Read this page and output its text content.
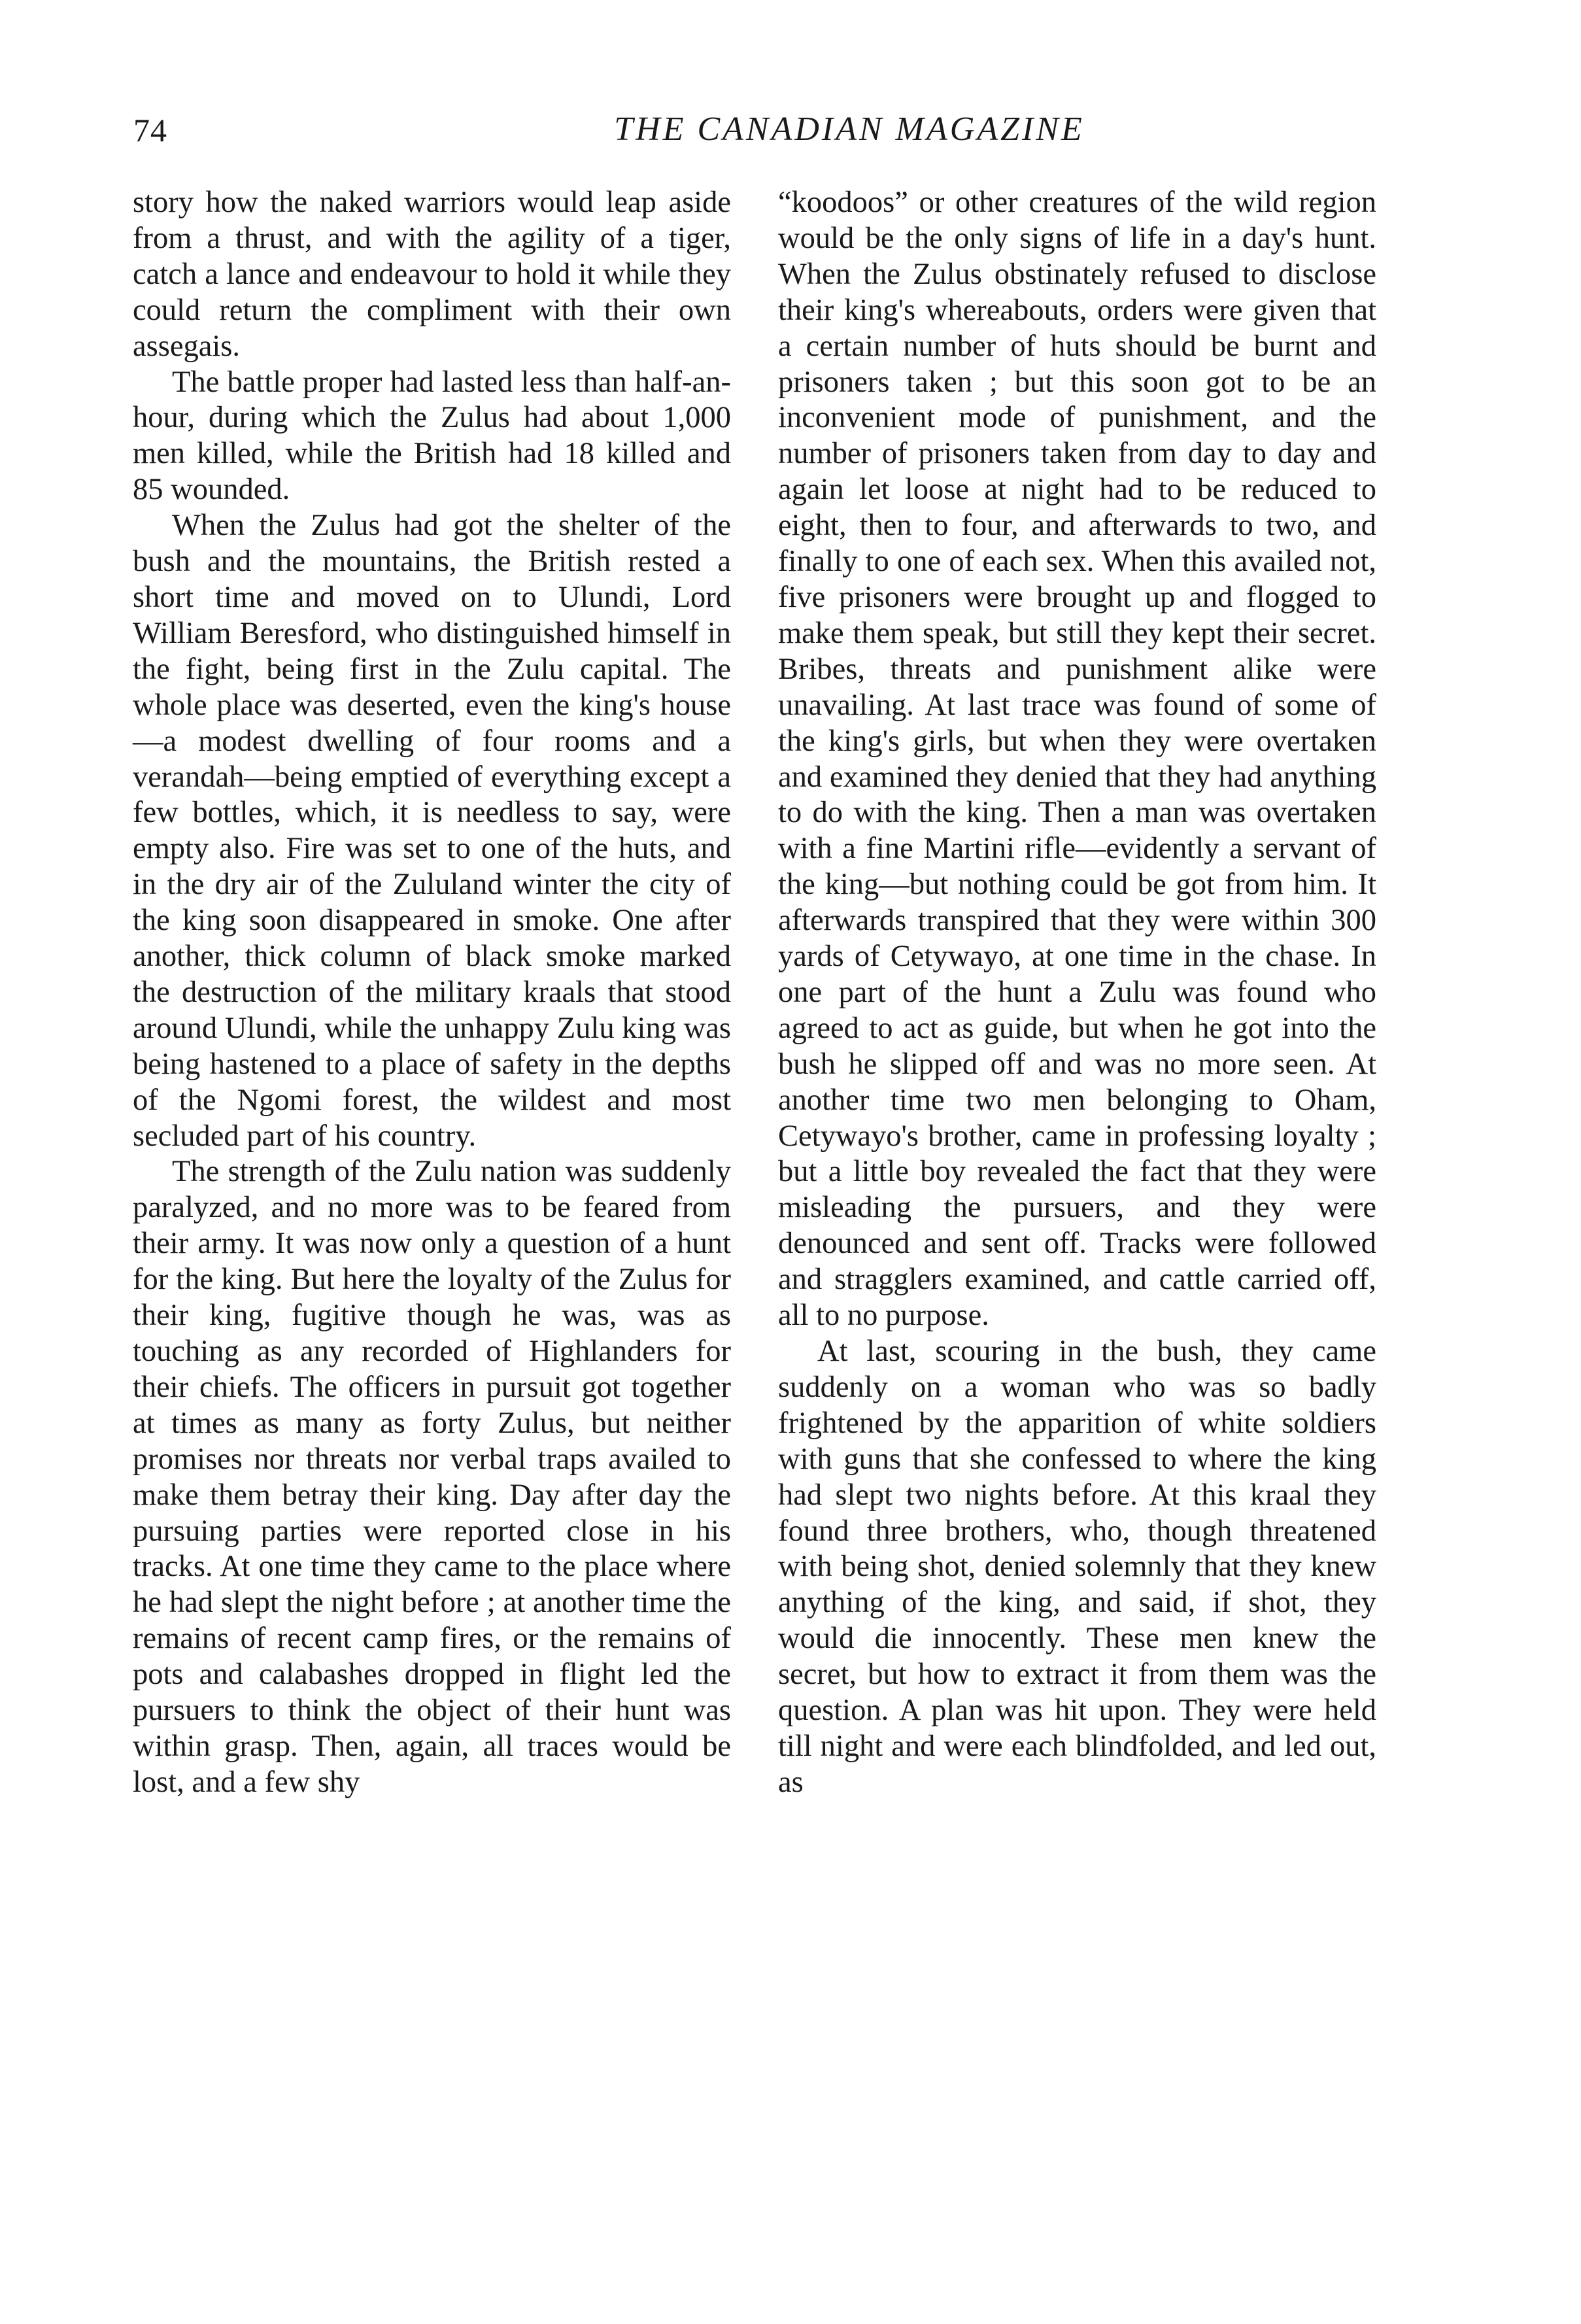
74	THE CANADIAN MAGAZINE

story how the naked warriors would leap aside from a thrust, and with the agility of a tiger, catch a lance and endeavour to hold it while they could return the compliment with their own assegais.

The battle proper had lasted less than half-an-hour, during which the Zulus had about 1,000 men killed, while the British had 18 killed and 85 wounded.

When the Zulus had got the shelter of the bush and the mountains, the British rested a short time and moved on to Ulundi, Lord William Beresford, who distinguished himself in the fight, being first in the Zulu capital. The whole place was deserted, even the king's house—a modest dwelling of four rooms and a verandah—being emptied of everything except a few bottles, which, it is needless to say, were empty also. Fire was set to one of the huts, and in the dry air of the Zululand winter the city of the king soon disappeared in smoke. One after another, thick column of black smoke marked the destruction of the military kraals that stood around Ulundi, while the unhappy Zulu king was being hastened to a place of safety in the depths of the Ngomi forest, the wildest and most secluded part of his country.

The strength of the Zulu nation was suddenly paralyzed, and no more was to be feared from their army. It was now only a question of a hunt for the king. But here the loyalty of the Zulus for their king, fugitive though he was, was as touching as any recorded of Highlanders for their chiefs. The officers in pursuit got together at times as many as forty Zulus, but neither promises nor threats nor verbal traps availed to make them betray their king. Day after day the pursuing parties were reported close in his tracks. At one time they came to the place where he had slept the night before ; at another time the remains of recent camp fires, or the remains of pots and calabashes dropped in flight led the pursuers to think the object of their hunt was within grasp. Then, again, all traces would be lost, and a few shy

“koodoos” or other creatures of the wild region would be the only signs of life in a day's hunt. When the Zulus obstinately refused to disclose their king's whereabouts, orders were given that a certain number of huts should be burnt and prisoners taken ; but this soon got to be an inconvenient mode of punishment, and the number of prisoners taken from day to day and again let loose at night had to be reduced to eight, then to four, and afterwards to two, and finally to one of each sex. When this availed not, five prisoners were brought up and flogged to make them speak, but still they kept their secret. Bribes, threats and punishment alike were unavailing. At last trace was found of some of the king's girls, but when they were overtaken and examined they denied that they had anything to do with the king. Then a man was overtaken with a fine Martini rifle—evidently a servant of the king—but nothing could be got from him. It afterwards transpired that they were within 300 yards of Cetywayo, at one time in the chase. In one part of the hunt a Zulu was found who agreed to act as guide, but when he got into the bush he slipped off and was no more seen. At another time two men belonging to Oham, Cetywayo's brother, came in professing loyalty ; but a little boy revealed the fact that they were misleading the pursuers, and they were denounced and sent off. Tracks were followed and stragglers examined, and cattle carried off, all to no purpose.

At last, scouring in the bush, they came suddenly on a woman who was so badly frightened by the apparition of white soldiers with guns that she confessed to where the king had slept two nights before. At this kraal they found three brothers, who, though threatened with being shot, denied solemnly that they knew anything of the king, and said, if shot, they would die innocently. These men knew the secret, but how to extract it from them was the question. A plan was hit upon. They were held till night and were each blindfolded, and led out, as
